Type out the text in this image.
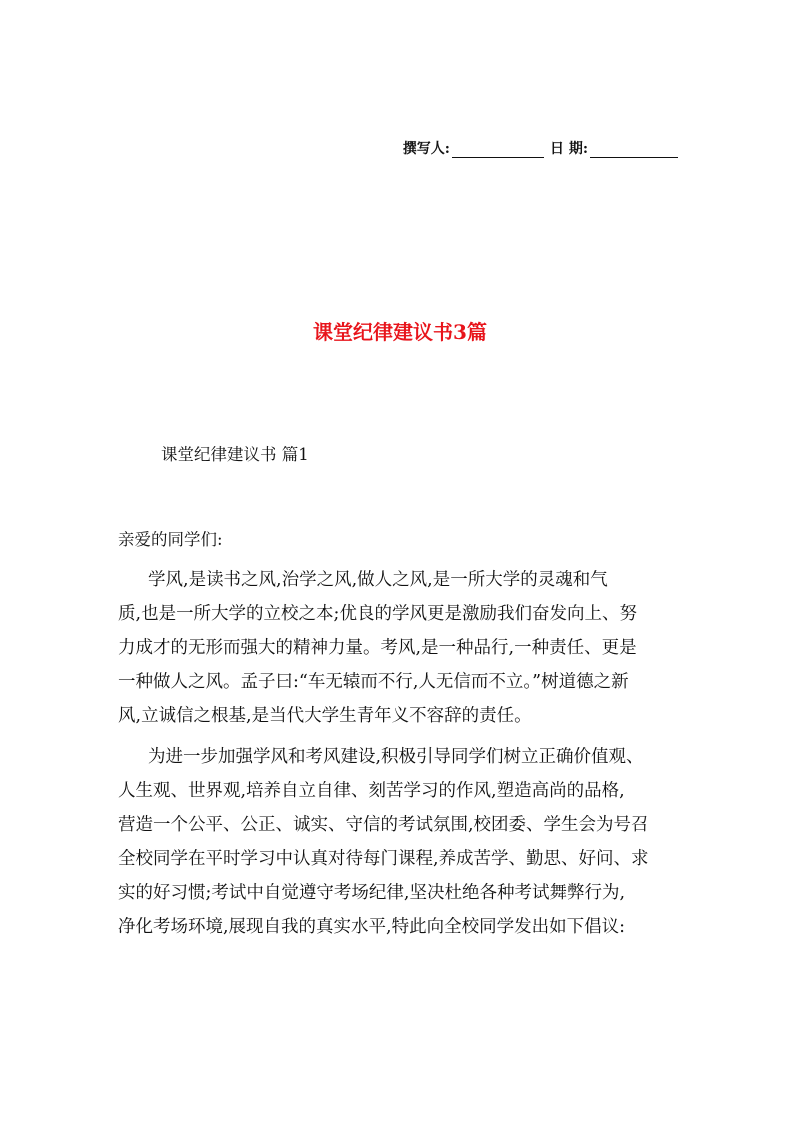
撰写人:	日 期:
课堂纪律建议书3篇
课堂纪律建议书 篇1
亲爱的同学们:
学风,是读书之风,治学之风,做人之风,是一所大学的灵魂和气
质,也是一所大学的立校之本;优良的学风更是激励我们奋发向上、努
力成才的无形而强大的精神力量。考风,是一种品行,一种责任、更是
一种做人之风。孟子曰:“车无辕而不行,人无信而不立。”树道德之新
风,立诚信之根基,是当代大学生青年义不容辞的责任。
为进一步加强学风和考风建设,积极引导同学们树立正确价值观、
人生观、世界观,培养自立自律、刻苦学习的作风,塑造高尚的品格,
营造一个公平、公正、诚实、守信的考试氛围,校团委、学生会为号召
全校同学在平时学习中认真对待每门课程,养成苦学、勤思、好问、求
实的好习惯;考试中自觉遵守考场纪律,坚决杜绝各种考试舞弊行为,
净化考场环境,展现自我的真实水平,特此向全校同学发出如下倡议:
